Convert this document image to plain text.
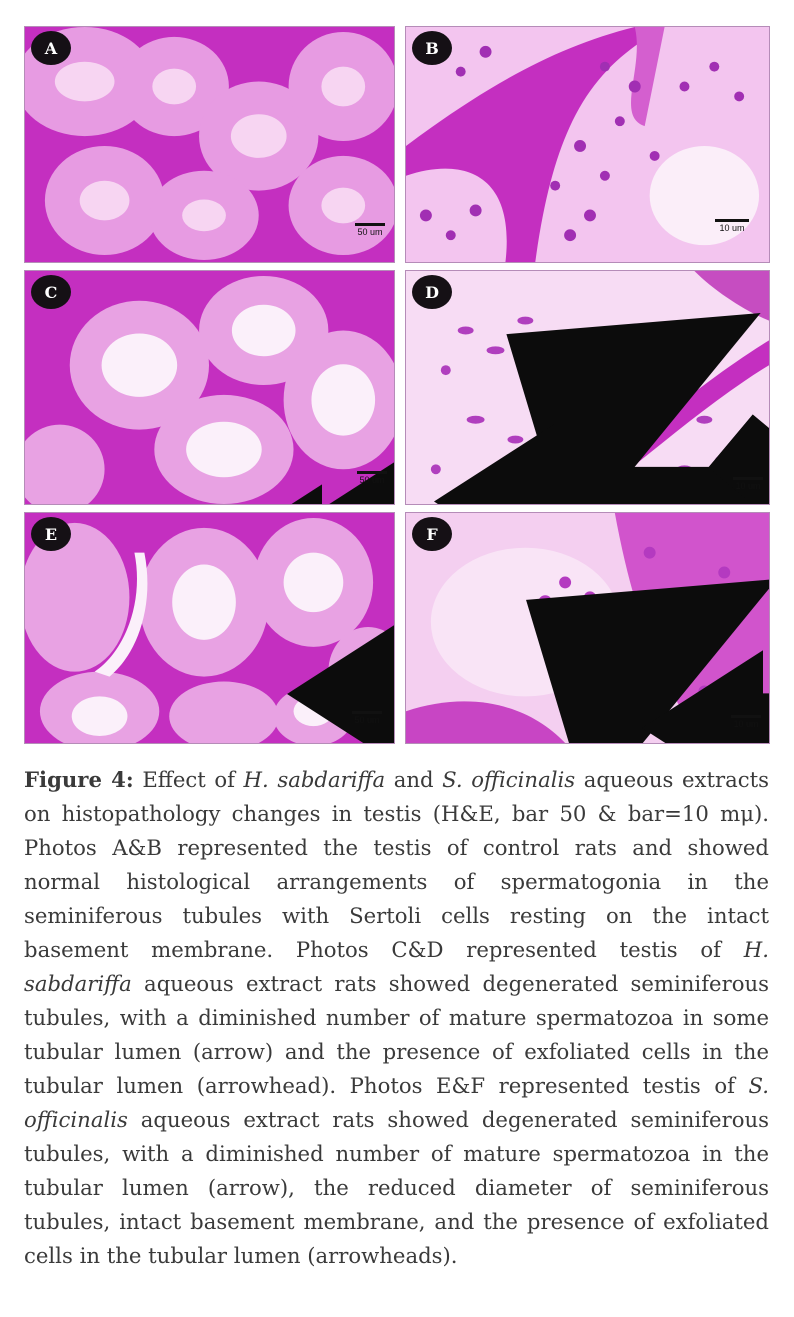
A
50 um
B
10 um
C
50 um
D
10 um
E
50 um
F
10 um

Figure 4: Effect of H. sabdariffa and S. officinalis aqueous extracts on histopathology changes in testis (H&E, bar 50 & bar=10 mμ). Photos A&B represented the testis of control rats and showed normal histological arrangements of spermatogonia in the seminiferous tubules with Sertoli cells resting on the intact basement membrane. Photos C&D represented testis of H. sabdariffa aqueous extract rats showed degenerated seminiferous tubules, with a diminished number of mature spermatozoa in some tubular lumen (arrow) and the presence of exfoliated cells in the tubular lumen (arrowhead). Photos E&F represented testis of S. officinalis aqueous extract rats showed degenerated seminiferous tubules, with a diminished number of mature spermatozoa in the tubular lumen (arrow), the reduced diameter of seminiferous tubules, intact basement membrane, and the presence of exfoliated cells in the tubular lumen (arrowheads).
